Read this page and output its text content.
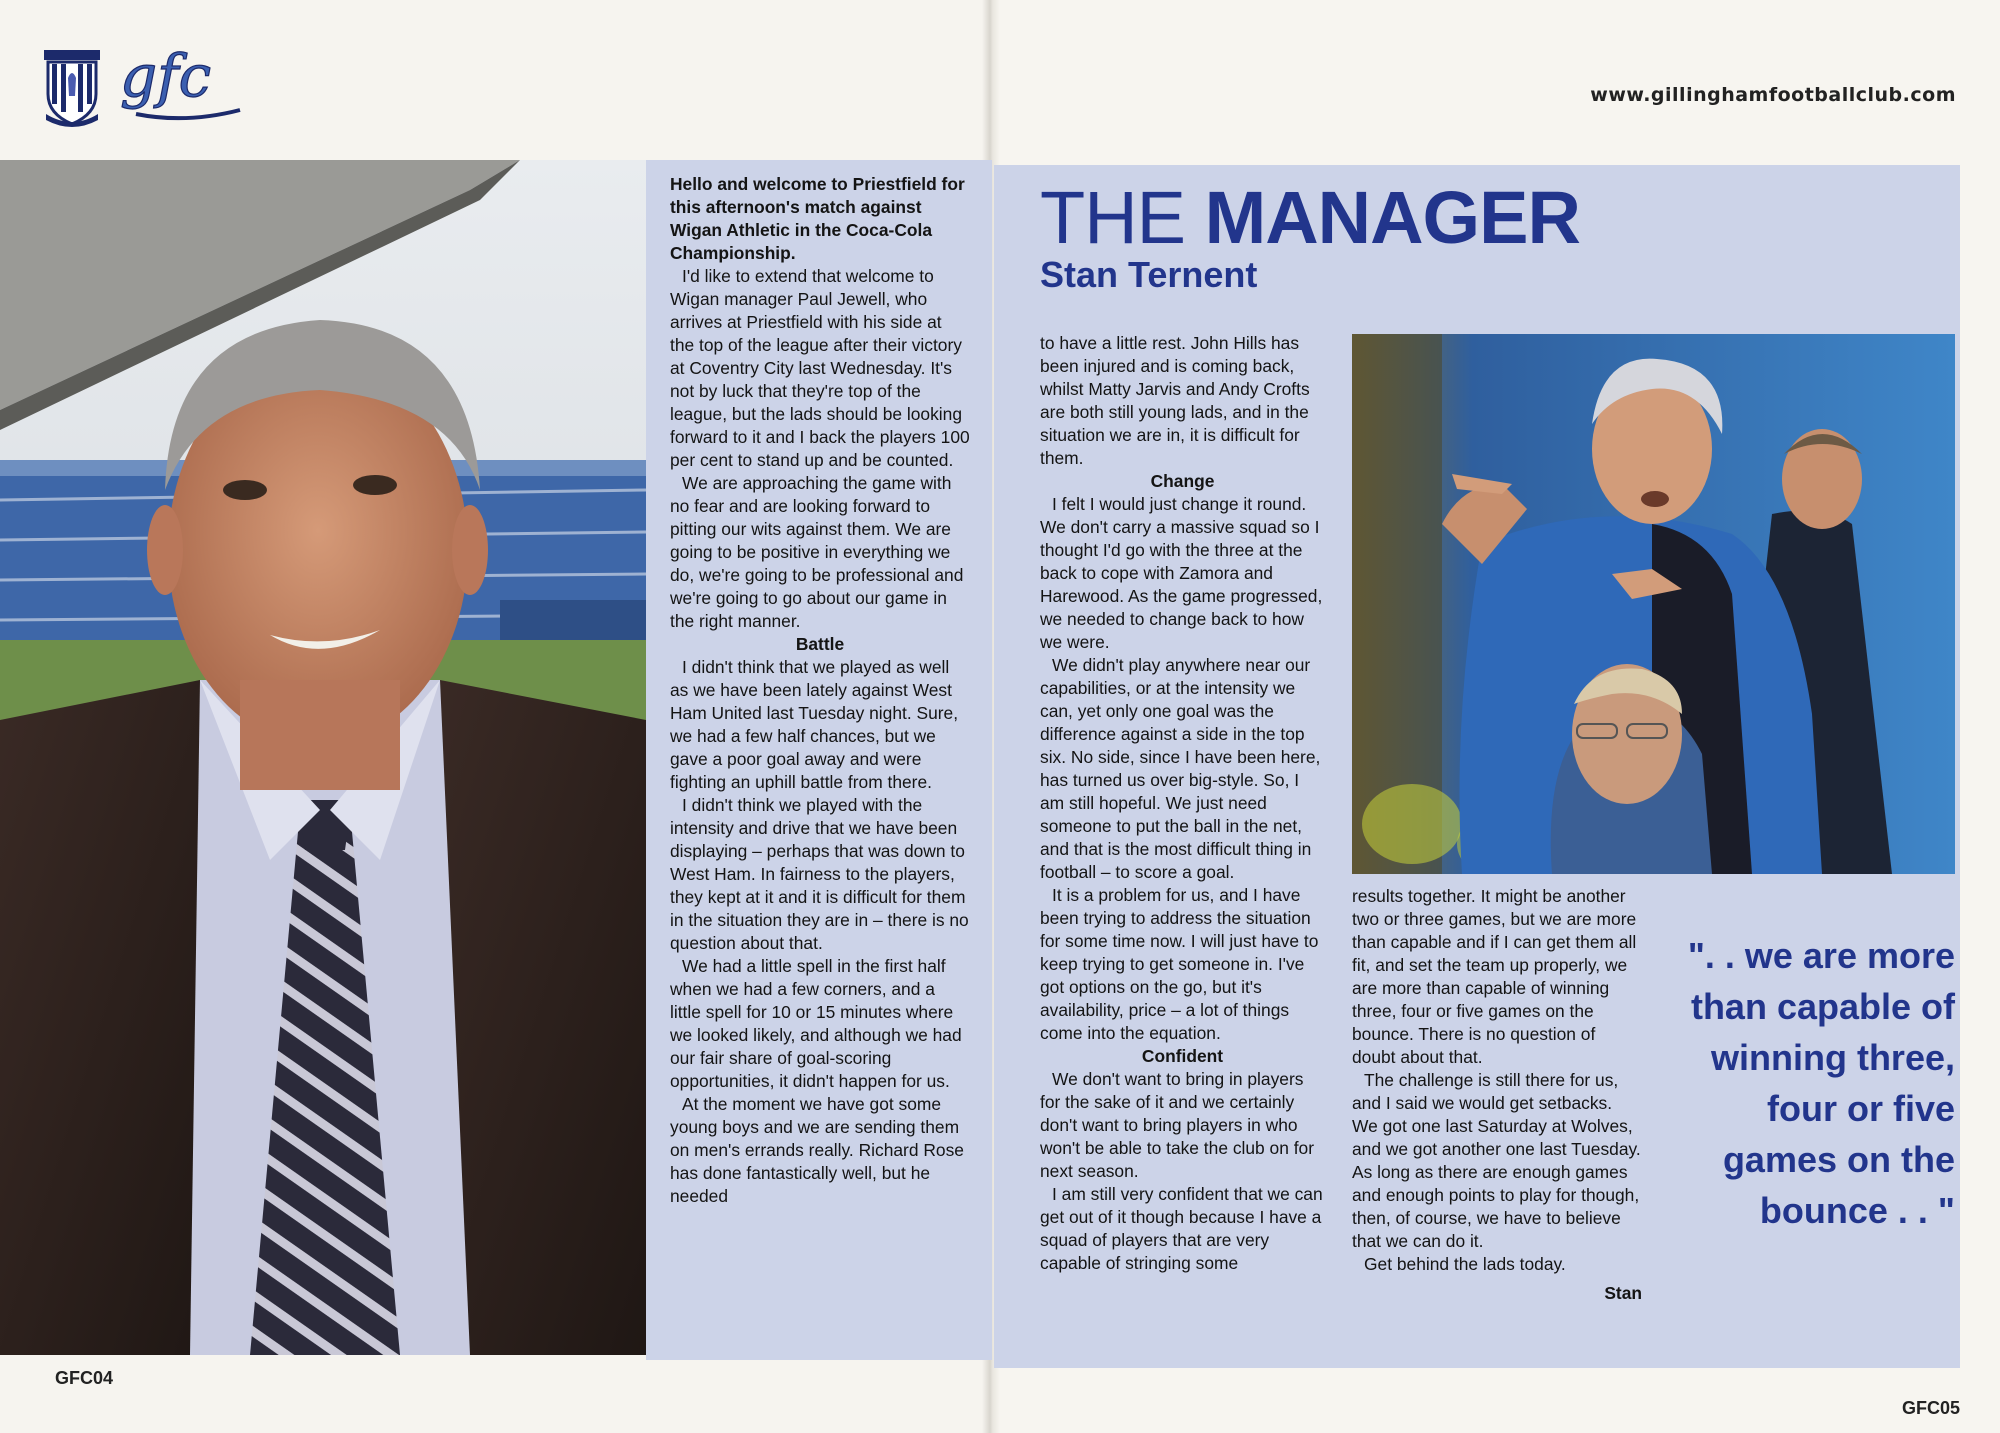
gfc	www.gillinghamfootballclub.com

Hello and welcome to Priestfield for this afternoon's match against Wigan Athletic in the Coca-Cola Championship.

I'd like to extend that welcome to Wigan manager Paul Jewell, who arrives at Priestfield with his side at the top of the league after their victory at Coventry City last Wednesday. It's not by luck that they're top of the league, but the lads should be looking forward to it and I back the players 100 per cent to stand up and be counted.

We are approaching the game with no fear and are looking forward to pitting our wits against them. We are going to be positive in everything we do, we're going to be professional and we're going to go about our game in the right manner.

Battle

I didn't think that we played as well as we have been lately against West Ham United last Tuesday night. Sure, we had a few half chances, but we gave a poor goal away and were fighting an uphill battle from there.

I didn't think we played with the intensity and drive that we have been displaying – perhaps that was down to West Ham. In fairness to the players, they kept at it and it is difficult for them in the situation they are in – there is no question about that.

We had a little spell in the first half when we had a few corners, and a little spell for 10 or 15 minutes where we looked likely, and although we had our fair share of goal-scoring opportunities, it didn't happen for us.

At the moment we have got some young boys and we are sending them on men's errands really. Richard Rose has done fantastically well, but he needed

THE MANAGER
Stan Ternent

to have a little rest. John Hills has been injured and is coming back, whilst Matty Jarvis and Andy Crofts are both still young lads, and in the situation we are in, it is difficult for them.

Change

I felt I would just change it round. We don't carry a massive squad so I thought I'd go with the three at the back to cope with Zamora and Harewood. As the game progressed, we needed to change back to how we were.

We didn't play anywhere near our capabilities, or at the intensity we can, yet only one goal was the difference against a side in the top six. No side, since I have been here, has turned us over big-style. So, I am still hopeful. We just need someone to put the ball in the net, and that is the most difficult thing in football – to score a goal.

It is a problem for us, and I have been trying to address the situation for some time now. I will just have to keep trying to get someone in. I've got options on the go, but it's availability, price – a lot of things come into the equation.

Confident

We don't want to bring in players for the sake of it and we certainly don't want to bring players in who won't be able to take the club on for next season.

I am still very confident that we can get out of it though because I have a squad of players that are very capable of stringing some

results together. It might be another two or three games, but we are more than capable and if I can get them all fit, and set the team up properly, we are more than capable of winning three, four or five games on the bounce. There is no question of doubt about that.

The challenge is still there for us, and I said we would get setbacks. We got one last Saturday at Wolves, and we got another one last Tuesday. As long as there are enough games and enough points to play for though, then, of course, we have to believe that we can do it.

Get behind the lads today.

Stan

". . we are more than capable of winning three, four or five games on the bounce . . "
GFC04
GFC05
